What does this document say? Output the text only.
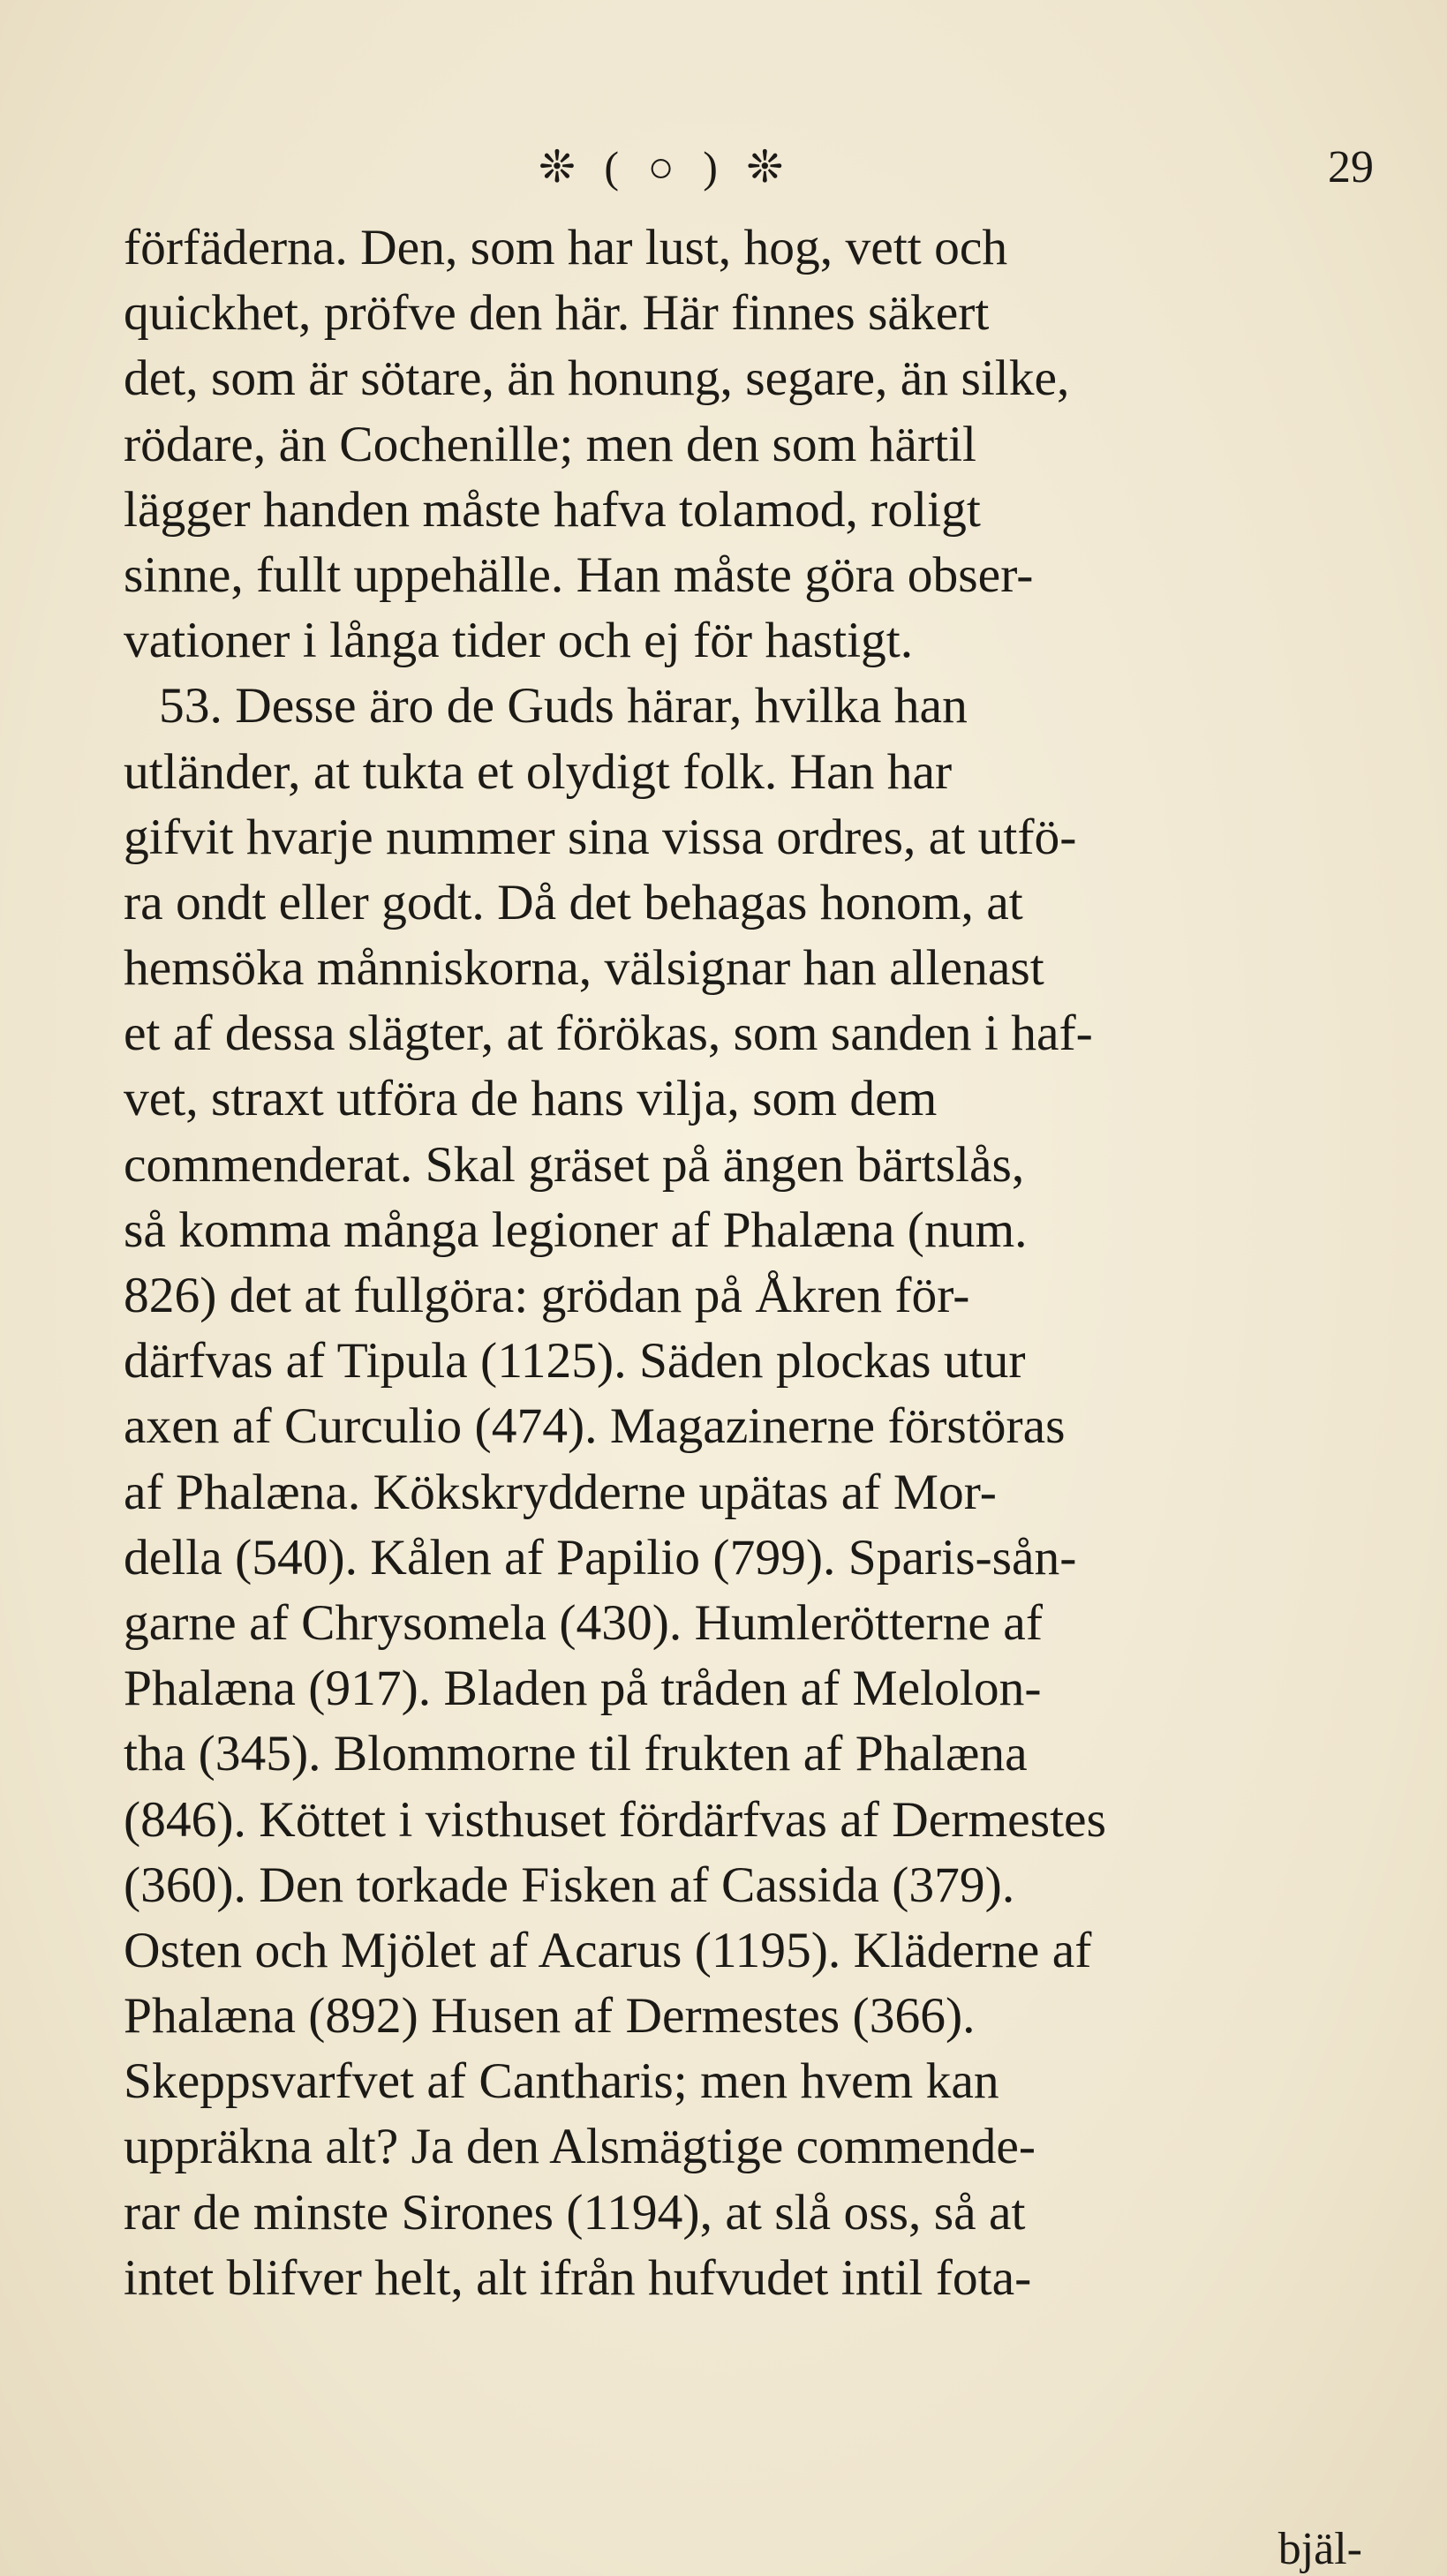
❊ ( ○ ) ❊	29
förfäderna. Den, som har lust, hog, vett och
quickhet, pröfve den här. Här finnes säkert
det, som är sötare, än honung, segare, än silke,
rödare, än Cochenille; men den som härtil
lägger handen måste hafva tolamod, roligt
sinne, fullt uppehälle. Han måste göra obser-
vationer i långa tider och ej för hastigt.
53. Desse äro de Guds härar, hvilka han
utländer, at tukta et olydigt folk. Han har
gifvit hvarje nummer sina vissa ordres, at utfö-
ra ondt eller godt. Då det behagas honom, at
hemsöka månniskorna, välsignar han allenast
et af dessa slägter, at förökas, som sanden i haf-
vet, straxt utföra de hans vilja, som dem
commenderat. Skal gräset på ängen bärtslås,
så komma många legioner af Phalæna (num.
826) det at fullgöra: grödan på Åkren för-
därfvas af Tipula (1125). Säden plockas utur
axen af Curculio (474). Magazinerne förstöras
af Phalæna. Kökskrydderne upätas af Mor-
della (540). Kålen af Papilio (799). Sparis-sån-
garne af Chrysomela (430). Humlerötterne af
Phalæna (917). Bladen på tråden af Melolon-
tha (345). Blommorne til frukten af Phalæna
(846). Köttet i visthuset fördärfvas af Dermestes
(360). Den torkade Fisken af Cassida (379).
Osten och Mjölet af Acarus (1195). Kläderne af
Phalæna (892) Husen af Dermestes (366).
Skeppsvarfvet af Cantharis; men hvem kan
uppräkna alt? Ja den Alsmägtige commende-
rar de minste Sirones (1194), at slå oss, så at
intet blifver helt, alt ifrån hufvudet intil fota-
bjäl-
